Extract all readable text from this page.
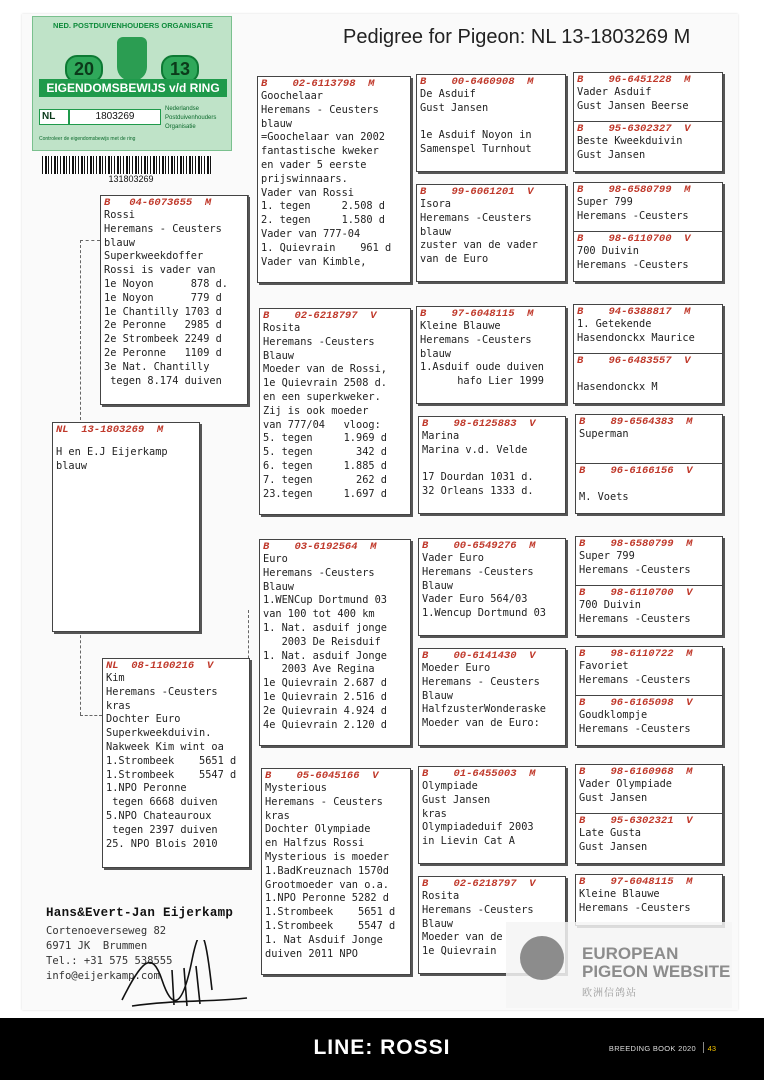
Pedigree for Pigeon: NL 13-1803269 M
NED. POSTDUIVENHOUDERS ORGANISATIE
20	13
EIGENDOMSBEWIJS v/d RING
NL	1803269
Nederlandse
Postduivenhouders
Organisatie
Controleer de eigendomsbewijs met de ring
131803269
NL  13-1803269  M
H en E.J Eijerkamp
blauw
B   04-6073655  M
Rossi
Heremans - Ceusters
blauw
Superkweekdoffer
Rossi is vader van
1e Noyon      878 d.
1e Noyon      779 d
1e Chantilly 1703 d
2e Peronne   2985 d
2e Strombeek 2249 d
2e Peronne   1109 d
3e Nat. Chantilly
tegen 8.174 duiven
NL  08-1100216  V
Kim
Heremans -Ceusters
kras
Dochter Euro
Superkweekduivin.
Nakweek Kim wint oa
1.Strombeek    5651 d
1.Strombeek    5547 d
1.NPO Peronne
tegen 6668 duiven
5.NPO Chateauroux
tegen 2397 duiven
25. NPO Blois 2010
B    02-6113798  M
Goochelaar
Heremans - Ceusters
blauw
=Goochelaar van 2002
fantastische kweker
en vader 5 eerste
prijswinnaars.
Vader van Rossi
1. tegen     2.508 d
2. tegen     1.580 d
Vader van 777-04
1. Quievrain    961 d
Vader van Kimble,
B    02-6218797  V
Rosita
Heremans -Ceusters
Blauw
Moeder van de Rossi,
1e Quievrain 2508 d.
en een superkweker.
Zij is ook moeder
van 777/04   vloog:
5. tegen     1.969 d
5. tegen       342 d
6. tegen     1.885 d
7. tegen       262 d
23.tegen     1.697 d
B    03-6192564  M
Euro
Heremans -Ceusters
Blauw
1.WENCup Dortmund 03
van 100 tot 400 km
1. Nat. asduif jonge
2003 De Reisduif
1. Nat. asduif Jonge
2003 Ave Regina
1e Quievrain 2.687 d
1e Quievrain 2.516 d
2e Quievrain 4.924 d
4e Quievrain 2.120 d
B    05-6045166  V
Mysterious
Heremans - Ceusters
kras
Dochter Olympiade
en Halfzus Rossi
Mysterious is moeder
1.BadKreuznach 1570d
Grootmoeder van o.a.
1.NPO Peronne 5282 d
1.Strombeek    5651 d
1.Strombeek    5547 d
1. Nat Asduif Jonge
duiven 2011 NPO
B    00-6460908  M
De Asduif
Gust Jansen

1e Asduif Noyon in
Samenspel Turnhout
B    99-6061201  V
Isora
Heremans -Ceusters
blauw
zuster van de vader
van de Euro
B    97-6048115  M
Kleine Blauwe
Heremans -Ceusters
blauw
1.Asduif oude duiven
hafo Lier 1999
B    98-6125883  V
Marina
Marina v.d. Velde

17 Dourdan 1031 d.
32 Orleans 1333 d.
B    00-6549276  M
Vader Euro
Heremans -Ceusters
Blauw
Vader Euro 564/03
1.Wencup Dortmund 03
B    00-6141430  V
Moeder Euro
Heremans - Ceusters
Blauw
HalfzusterWonderaske
Moeder van de Euro:
B    01-6455003  M
Olympiade
Gust Jansen
kras
Olympiadeduif 2003
in Lievin Cat A
B    02-6218797  V
Rosita
Heremans -Ceusters
Blauw
Moeder van de
1e Quievrain
B    96-6451228  M
Vader Asduif
Gust Jansen Beerse
B    95-6302327  V
Beste Kweekduivin
Gust Jansen
B    98-6580799  M
Super 799
Heremans -Ceusters
B    98-6110700  V
700 Duivin
Heremans -Ceusters
B    94-6388817  M
1. Getekende
Hasendonckx Maurice
B    96-6483557  V

Hasendonckx M
B    89-6564383  M
Superman
B    96-6166156  V

M. Voets
B    98-6580799  M
Super 799
Heremans -Ceusters
B    98-6110700  V
700 Duivin
Heremans -Ceusters
B    98-6110722  M
Favoriet
Heremans -Ceusters
B    96-6165098  V
Goudklompje
Heremans -Ceusters
B    98-6160968  M
Vader Olympiade
Gust Jansen
B    95-6302321  V
Late Gusta
Gust Jansen
B    97-6048115  M
Kleine Blauwe
Heremans -Ceusters
Hans&Evert-Jan Eijerkamp
Cortenoeverseweg 82
6971 JK  Brummen
Tel.: +31 575 538555
info@eijerkamp.com
EUROPEAN
PIGEON WEBSITE
欧洲信鸽站
LINE: ROSSI	BREEDING BOOK 2020 43
